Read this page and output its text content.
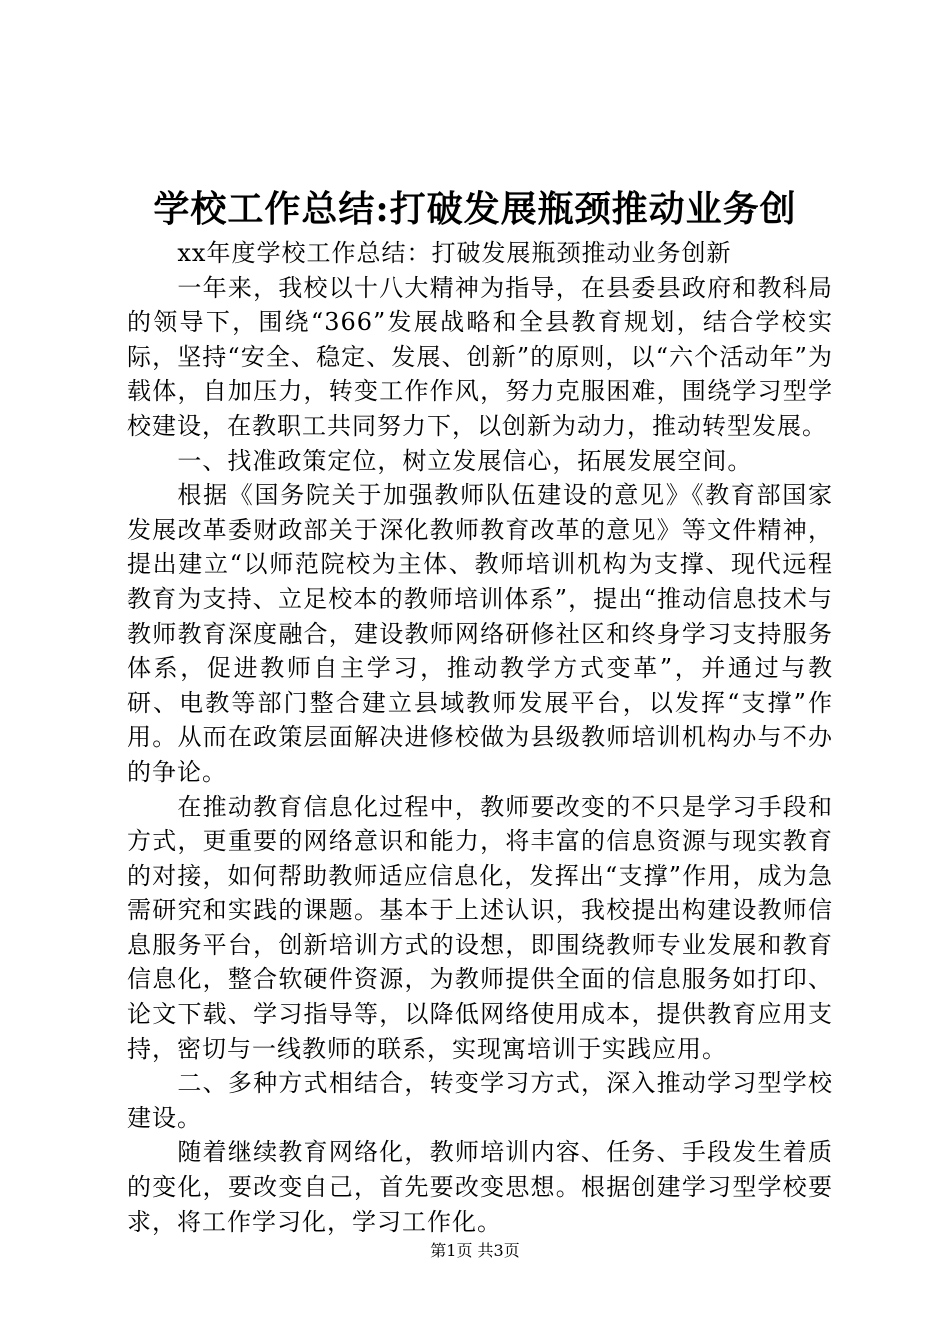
学校工作总结:打破发展瓶颈推动业务创

xx年度学校工作总结：打破发展瓶颈推动业务创新

一年来，我校以十八大精神为指导，在县委县政府和教科局的领导下，围绕“366”发展战略和全县教育规划，结合学校实际，坚持“安全、稳定、发展、创新”的原则，以“六个活动年”为载体，自加压力，转变工作作风，努力克服困难，围绕学习型学校建设，在教职工共同努力下，以创新为动力，推动转型发展。

一、找准政策定位，树立发展信心，拓展发展空间。

根据《国务院关于加强教师队伍建设的意见》《教育部国家发展改革委财政部关于深化教师教育改革的意见》等文件精神，提出建立“以师范院校为主体、教师培训机构为支撑、现代远程教育为支持、立足校本的教师培训体系”，提出“推动信息技术与教师教育深度融合，建设教师网络研修社区和终身学习支持服务体系，促进教师自主学习，推动教学方式变革”，并通过与教研、电教等部门整合建立县域教师发展平台，以发挥“支撑”作用。从而在政策层面解决进修校做为县级教师培训机构办与不办的争论。

在推动教育信息化过程中，教师要改变的不只是学习手段和方式，更重要的网络意识和能力，将丰富的信息资源与现实教育的对接，如何帮助教师适应信息化，发挥出“支撑”作用，成为急需研究和实践的课题。基本于上述认识，我校提出构建设教师信息服务平台，创新培训方式的设想，即围绕教师专业发展和教育信息化，整合软硬件资源，为教师提供全面的信息服务如打印、论文下载、学习指导等，以降低网络使用成本，提供教育应用支持，密切与一线教师的联系，实现寓培训于实践应用。

二、多种方式相结合，转变学习方式，深入推动学习型学校建设。

随着继续教育网络化，教师培训内容、任务、手段发生着质的变化，要改变自己，首先要改变思想。根据创建学习型学校要求，将工作学习化，学习工作化。

第1页 共3页
